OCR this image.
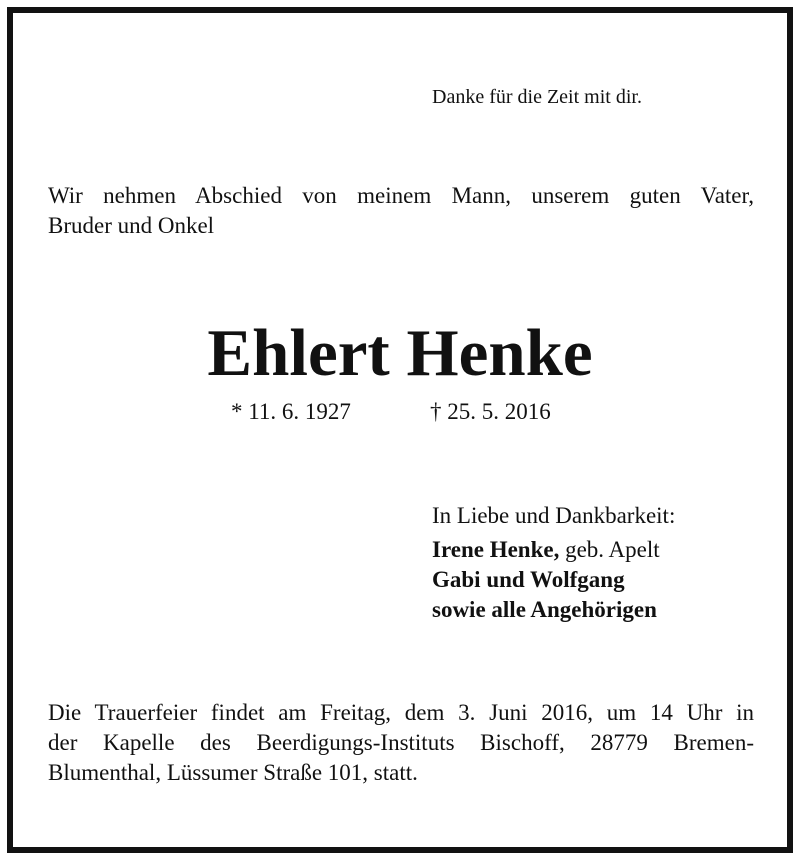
Danke für die Zeit mit dir.
Wir nehmen Abschied von meinem Mann, unserem guten Vater,
Bruder und Onkel
Ehlert Henke
* 11. 6. 1927	† 25. 5. 2016
In Liebe und Dankbarkeit:
Irene Henke, geb. Apelt
Gabi und Wolfgang
sowie alle Angehörigen
Die Trauerfeier findet am Freitag, dem 3. Juni 2016, um 14 Uhr in
der Kapelle des Beerdigungs-Instituts Bischoff, 28779 Bremen-
Blumenthal, Lüssumer Straße 101, statt.
